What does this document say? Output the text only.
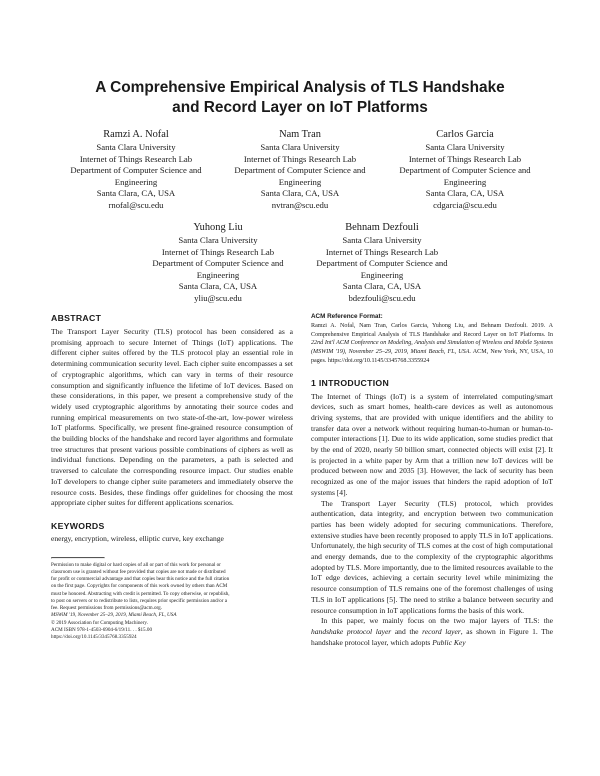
A Comprehensive Empirical Analysis of TLS Handshake
and Record Layer on IoT Platforms
Ramzi A. Nofal
Santa Clara University
Internet of Things Research Lab
Department of Computer Science and
Engineering
Santa Clara, CA, USA
rnofal@scu.edu
Nam Tran
Santa Clara University
Internet of Things Research Lab
Department of Computer Science and
Engineering
Santa Clara, CA, USA
nvtran@scu.edu
Carlos Garcia
Santa Clara University
Internet of Things Research Lab
Department of Computer Science and
Engineering
Santa Clara, CA, USA
cdgarcia@scu.edu
Yuhong Liu
Santa Clara University
Internet of Things Research Lab
Department of Computer Science and
Engineering
Santa Clara, CA, USA
yliu@scu.edu
Behnam Dezfouli
Santa Clara University
Internet of Things Research Lab
Department of Computer Science and
Engineering
Santa Clara, CA, USA
bdezfouli@scu.edu
ABSTRACT

The Transport Layer Security (TLS) protocol has been considered as a promising approach to secure Internet of Things (IoT) applications. The different cipher suites offered by the TLS protocol play an essential role in determining communication security level. Each cipher suite encompasses a set of cryptographic algorithms, which can vary in terms of their resource consumption and significantly influence the lifetime of IoT devices. Based on these considerations, in this paper, we present a comprehensive study of the widely used cryptographic algorithms by annotating their source codes and running empirical measurements on two state-of-the-art, low-power wireless IoT platforms. Specifically, we present fine-grained resource consumption of the building blocks of the handshake and record layer algorithms and formulate tree structures that present various possible combinations of ciphers as well as individual functions. Depending on the parameters, a path is selected and traversed to calculate the corresponding resource impact. Our studies enable IoT developers to change cipher suite parameters and immediately observe the resource costs. Besides, these findings offer guidelines for choosing the most appropriate cipher suites for different applications scenarios.

KEYWORDS

energy, encryption, wireless, elliptic curve, key exchange

Permission to make digital or hard copies of all or part of this work for personal or
classroom use is granted without fee provided that copies are not made or distributed
for profit or commercial advantage and that copies bear this notice and the full citation
on the first page. Copyrights for components of this work owned by others than ACM
must be honored. Abstracting with credit is permitted. To copy otherwise, or republish,
to post on servers or to redistribute to lists, requires prior specific permission and/or a
fee. Request permissions from permissions@acm.org.
MSWiM '19, November 25–29, 2019, Miami Beach, FL, USA
© 2019 Association for Computing Machinery.
ACM ISBN 978-1-4503-6904-6/19/11. . . $15.00
https://doi.org/10.1145/3345768.3355924

ACM Reference Format:

Ramzi A. Nofal, Nam Tran, Carlos Garcia, Yuhong Liu, and Behnam Dezfouli. 2019. A Comprehensive Empirical Analysis of TLS Handshake and Record Layer on IoT Platforms. In 22nd Int'l ACM Conference on Modeling, Analysis and Simulation of Wireless and Mobile Systems (MSWIM '19), November 25–29, 2019, Miami Beach, FL, USA. ACM, New York, NY, USA, 10 pages. https://doi.org/10.1145/3345768.3355924

1 INTRODUCTION

The Internet of Things (IoT) is a system of interrelated computing/smart devices, such as smart homes, health-care devices as well as autonomous driving systems, that are provided with unique identifiers and the ability to transfer data over a network without requiring human-to-human or human-to-computer interactions [1]. Due to its wide application, some studies predict that by the end of 2020, nearly 50 billion smart, connected objects will exist [2]. It is projected in a white paper by Arm that a trillion new IoT devices will be produced between now and 2035 [3]. However, the lack of security has been recognized as one of the major issues that hinders the rapid adoption of IoT systems [4].

The Transport Layer Security (TLS) protocol, which provides authentication, data integrity, and encryption between two communication parties has been widely adopted for securing communications. Therefore, extensive studies have been recently proposed to apply TLS in IoT applications. Unfortunately, the high security of TLS comes at the cost of high computational and energy demands, due to the complexity of the cryptographic algorithms adopted by TLS. More importantly, due to the limited resources available to the IoT edge devices, achieving a certain security level while minimizing the resource consumption of TLS remains one of the foremost challenges of using TLS in IoT applications [5]. The need to strike a balance between security and resource consumption in IoT applications forms the basis of this work.

In this paper, we mainly focus on the two major layers of TLS: the handshake protocol layer and the record layer, as shown in Figure 1. The handshake protocol layer, which adopts Public Key
